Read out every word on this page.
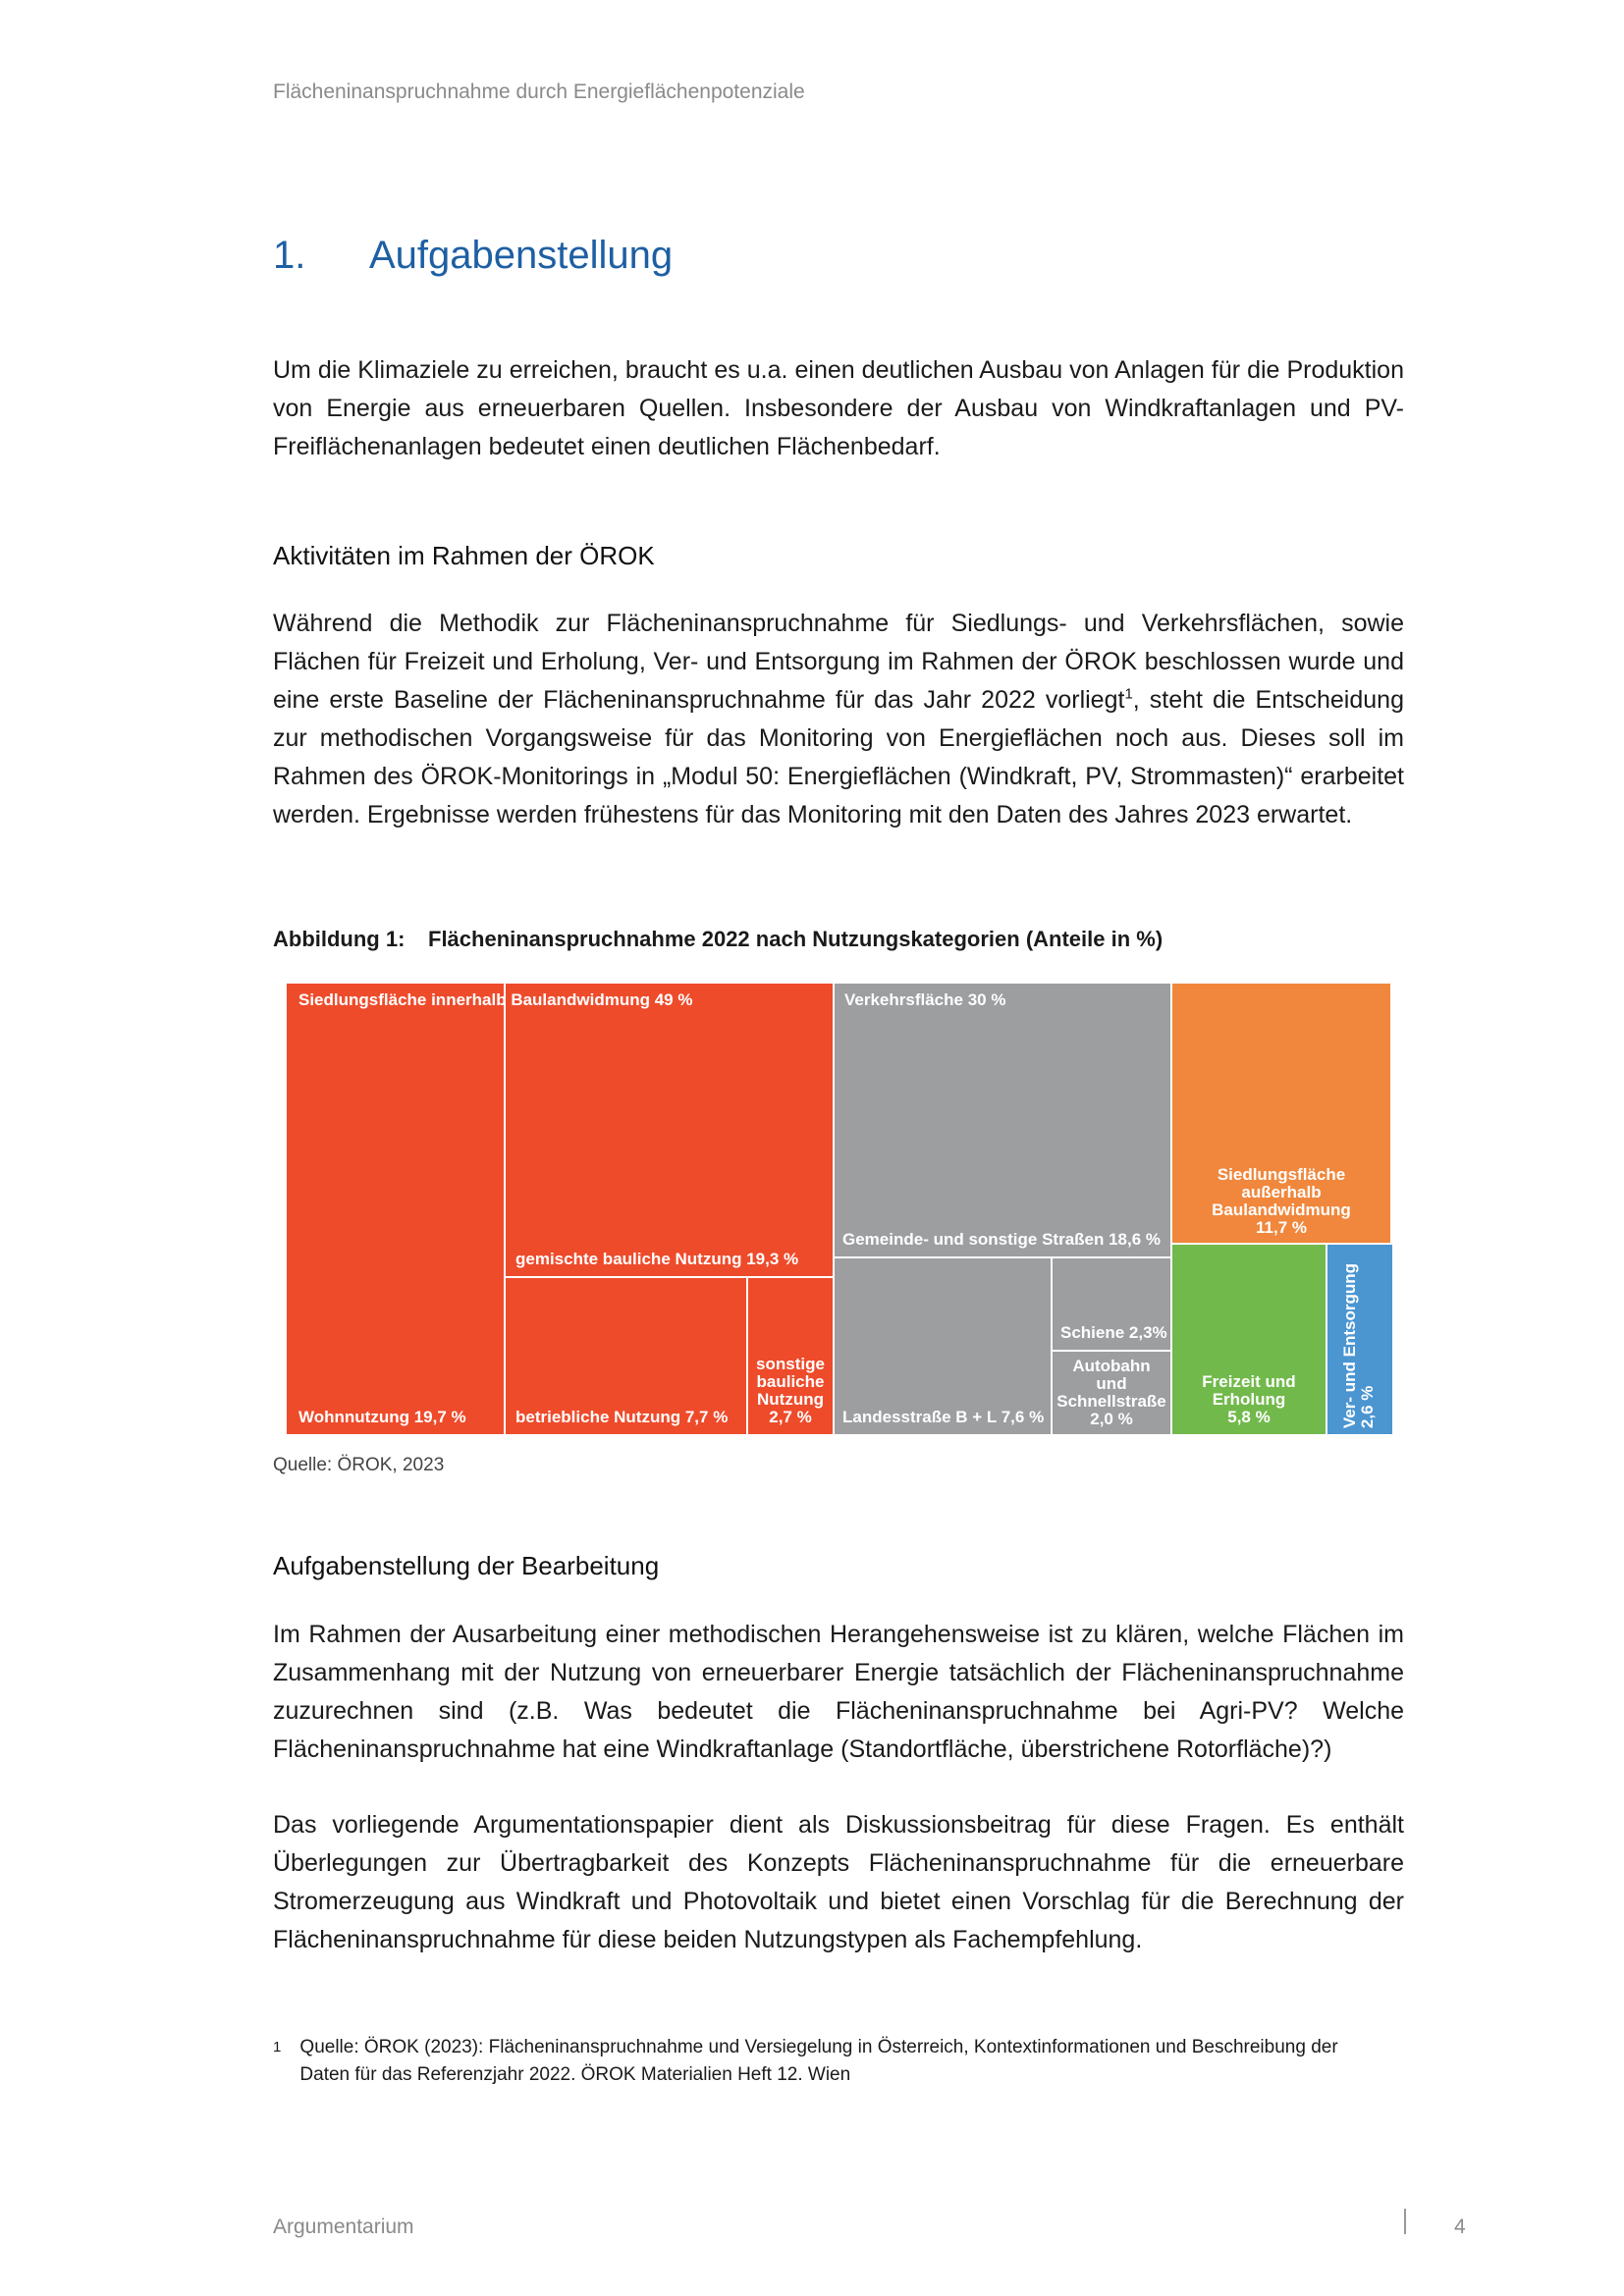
Flächeninanspruchnahme durch Energieflächenpotenziale
1.	Aufgabenstellung

Um die Klimaziele zu erreichen, braucht es u.a. einen deutlichen Ausbau von Anlagen für die Produktion von Energie aus erneuerbaren Quellen. Insbesondere der Ausbau von Windkraftanlagen und PV-Freiflächenanlagen bedeutet einen deutlichen Flächenbedarf.

Aktivitäten im Rahmen der ÖROK

Während die Methodik zur Flächeninanspruchnahme für Siedlungs- und Verkehrsflächen, sowie Flächen für Freizeit und Erholung, Ver- und Entsorgung im Rahmen der ÖROK beschlossen wurde und eine erste Baseline der Flächeninanspruchnahme für das Jahr 2022 vorliegt$^1$, steht die Entscheidung zur methodischen Vorgangsweise für das Monitoring von Energieflächen noch aus. Dieses soll im Rahmen des ÖROK-Monitorings in „Modul 50: Energieflächen (Windkraft, PV, Strommasten)“ erarbeitet werden. Ergebnisse werden frühestens für das Monitoring mit den Daten des Jahres 2023 erwartet.

Abbildung 1:	Flächeninanspruchnahme 2022 nach Nutzungskategorien (Anteile in %)
Wohnnutzung 19,7 %
gemischte bauliche Nutzung 19,3 %
betriebliche Nutzung 7,7 %
sonstige
bauliche
Nutzung
2,7 %
Siedlungsfläche innerhalb Baulandwidmung 49 %	Verkehrsfläche 30 %
Gemeinde- und sonstige Straßen 18,6 %
Landesstraße B + L 7,6 %
Schiene 2,3%
Autobahn
und
Schnellstraße
2,0 %
Siedlungsfläche
außerhalb
Baulandwidmung
11,7 %
Freizeit und
Erholung
5,8 %	Ver- und Entsorgung 2,6 %
Quelle: ÖROK, 2023
Aufgabenstellung der Bearbeitung

Im Rahmen der Ausarbeitung einer methodischen Herangehensweise ist zu klären, welche Flächen im Zusammenhang mit der Nutzung von erneuerbarer Energie tatsächlich der Flächeninanspruchnahme zuzurechnen sind (z.B. Was bedeutet die Flächeninanspruchnahme bei Agri-PV? Welche Flächeninanspruchnahme hat eine Windkraftanlage (Standortfläche, überstrichene Rotorfläche)?)

Das vorliegende Argumentationspapier dient als Diskussionsbeitrag für diese Fragen. Es enthält Überlegungen zur Übertragbarkeit des Konzepts Flächeninanspruchnahme für die erneuerbare Stromerzeugung aus Windkraft und Photovoltaik und bietet einen Vorschlag für die Berechnung der Flächeninanspruchnahme für diese beiden Nutzungstypen als Fachempfehlung.

1	Quelle: ÖROK (2023): Flächeninanspruchnahme und Versiegelung in Österreich, Kontextinformationen und Beschreibung der Daten für das Referenzjahr 2022. ÖROK Materialien Heft 12. Wien
Argumentarium	4
